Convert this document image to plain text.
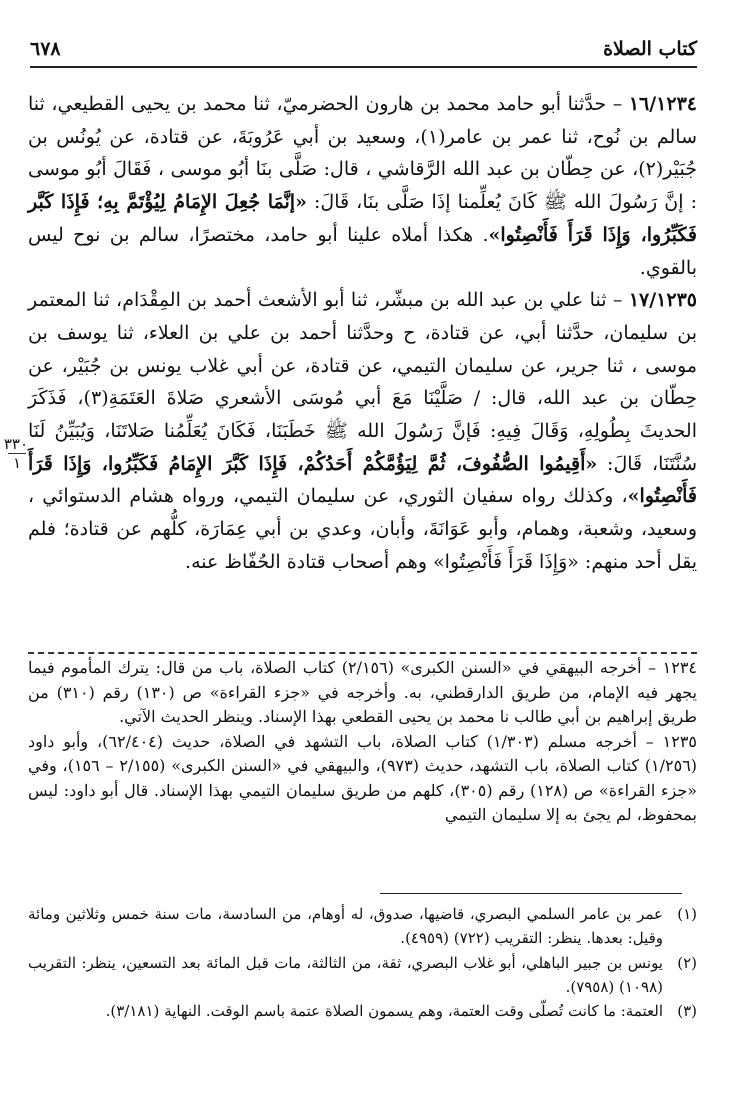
كتاب الصلاة
٦٧٨

١٦/١٢٣٤ – حدَّثنا أبو حامد محمد بن هارون الحضرميّ، ثنا محمد بن يحيى القطيعي، ثنا سالم بن نُوح، ثنا عمر بن عامر(١)، وسعيد بن أبي عَرُوبَةَ، عن قتادة، عن يُونُس بن جُبَيْر(٢)، عن حِطّان بن عبد الله الرَّقاشي ، قال: صَلَّى بنَا أبُو موسى ، فَقَالَ أبُو موسى : إنَّ رَسُولَ الله ﷺ كَانَ يُعلِّمنا إذَا صَلَّى بنَا، قَالَ: «إنَّمَا جُعِلَ الإِمَامُ لِيُؤْتَمَّ بِهِ؛ فَإِذَا كَبَّر فَكَبِّرُوا، وَإِذَا قَرَأَ فَأَنْصِتُوا». هكذا أملاه علينا أبو حامد، مختصرًا، سالم بن نوح ليس بالقوي.

١٧/١٢٣٥ – ثنا علي بن عبد الله بن مبشّر، ثنا أبو الأشعث أحمد بن المِقْدَام، ثنا المعتمر بن سليمان، حدَّثنا أبي، عن قتادة، ح وحدَّثنا أحمد بن علي بن العلاء، ثنا يوسف بن موسى ، ثنا جرير، عن سليمان التيمي، عن قتادة، عن أبي غلاب يونس بن جُبَيْر، عن حِطّان بن عبد الله، قال: / صَلَّيْنَا مَعَ أبي مُوسَى الأشعري صَلاةَ العَتَمَةِ(٣)، فَذَكَرَ الحديثَ بِطُولِهِ، وَقَالَ فِيهِ: فَإنَّ رَسُولَ الله ﷺ خَطَبَنَا، فَكَانَ يُعَلِّمُنا صَلاتَنَا، وَيُبَيِّنُ لَنَا سُنَّتَنَا، قَالَ: «أَقِيمُوا الصُّفُوفَ، ثُمَّ لِيَؤُمَّكُمْ أَحَدُكُمْ، فَإِذَا كَبَّرَ الإِمَامُ فَكَبِّرُوا، وَإِذَا قَرَأَ فَأَنْصِتُوا»، وكذلك رواه سفيان الثوري، عن سليمان التيمي، ورواه هشام الدستوائي ، وسعيد، وشعبة، وهمام، وأبو عَوَانَةَ، وأبان، وعدي بن أبي عِمَارَة، كلُّهم عن قتادة؛ فلم يقل أحد منهم: «وَإِذَا قَرَأَ فَأَنْصِتُوا» وهم أصحاب قتادة الحُفّاظ عنه.

٣٣٠
١

١٢٣٤ – أخرجه البيهقي في «السنن الكبرى» (٢/١٥٦) كتاب الصلاة، باب من قال: يترك المأموم فيما يجهر فيه الإمام، من طريق الدارقطني، به. وأخرجه في «جزء القراءة» ص (١٣٠) رقم (٣١٠) من طريق إبراهيم بن أبي طالب نا محمد بن يحيى القطعي بهذا الإسناد. وينظر الحديث الآتي.

١٢٣٥ – أخرجه مسلم (١/٣٠٣) كتاب الصلاة، باب التشهد في الصلاة، حديث (٦٢/٤٠٤)، وأبو داود (١/٢٥٦) كتاب الصلاة، باب التشهد، حديث (٩٧٣)، والبيهقي في «السنن الكبرى» (٢/١٥٥ – ١٥٦)، وفي «جزء القراءة» ص (١٢٨) رقم (٣٠٥)، كلهم من طريق سليمان التيمي بهذا الإسناد. قال أبو داود: ليس بمحفوظ، لم يجئ به إلا سليمان التيمي

(١)
عمر بن عامر السلمي البصري، قاضيها، صدوق، له أوهام، من السادسة، مات سنة خمس وثلاثين ومائة وقيل: بعدها. ينظر: التقريب (٧٢٢) (٤٩٥٩).
(٢)
يونس بن جبير الباهلي، أبو غلاب البصري، ثقة، من الثالثة، مات قبل المائة بعد التسعين، ينظر: التقريب (١٠٩٨) (٧٩٥٨).
(٣)
العتمة: ما كانت تُصلّى وقت العتمة، وهم يسمون الصلاة عتمة باسم الوقت. النهاية (٣/١٨١).
